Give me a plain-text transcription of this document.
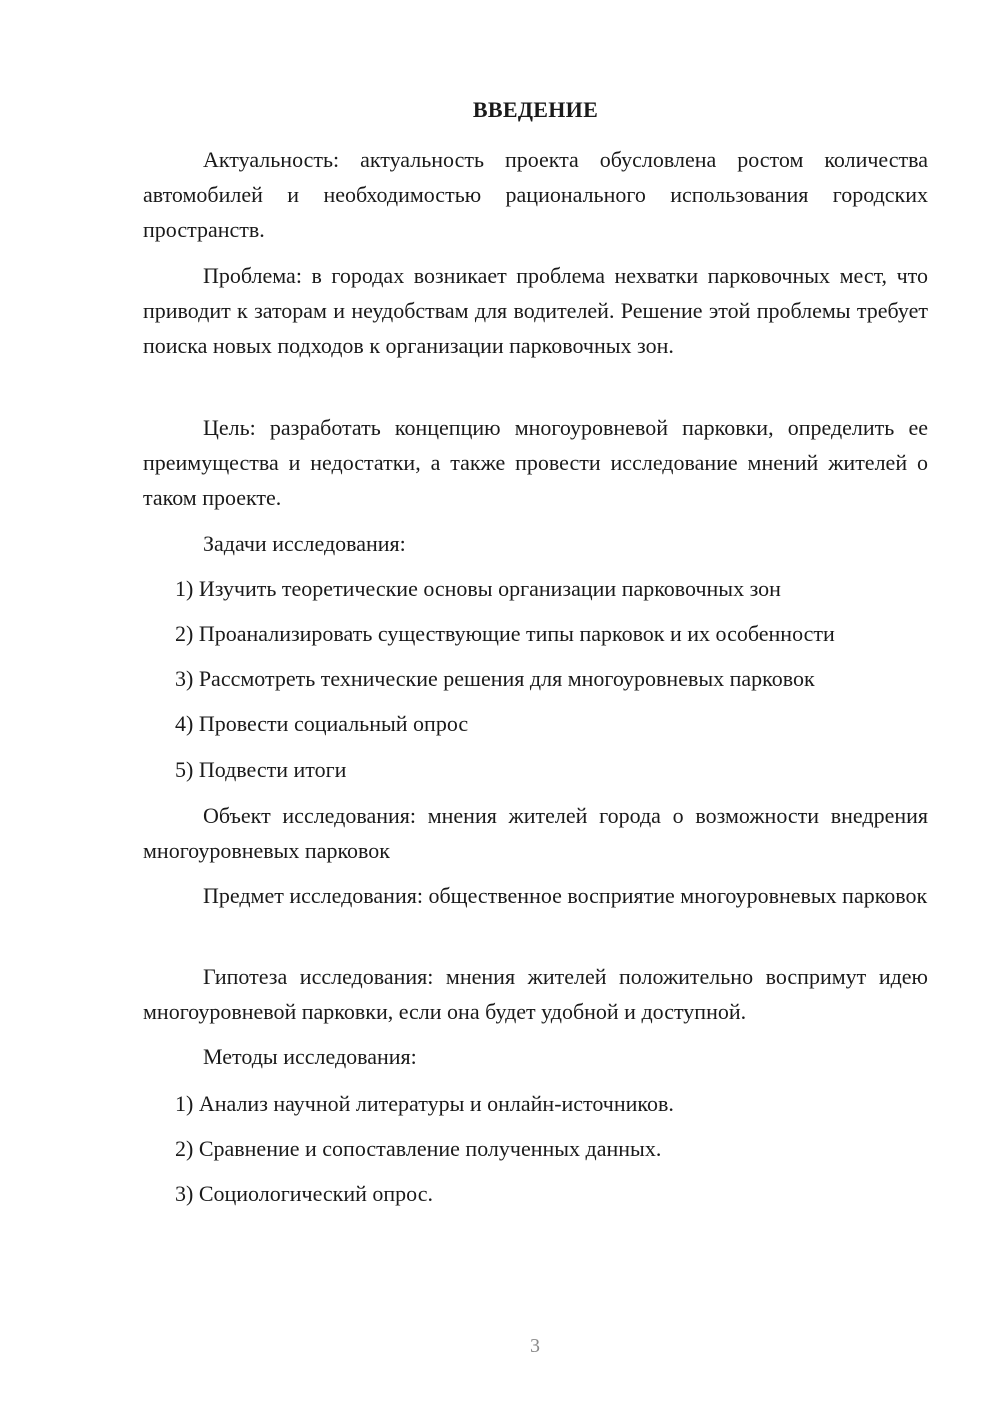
ВВЕДЕНИЕ

Актуальность: актуальность проекта обусловлена ростом количества автомобилей и необходимостью рационального использования городских пространств.

Проблема: в городах возникает проблема нехватки парковочных мест, что приводит к заторам и неудобствам для водителей. Решение этой проблемы требует поиска новых подходов к организации парковочных зон.

Цель: разработать концепцию многоуровневой парковки, определить ее преимущества и недостатки, а также провести исследование мнений жителей о таком проекте.

Задачи исследования:

1) Изучить теоретические основы организации парковочных зон

2) Проанализировать существующие типы парковок и их особенности

3) Рассмотреть технические решения для многоуровневых парковок

4) Провести социальный опрос

5) Подвести итоги

Объект исследования: мнения жителей города о возможности внедрения многоуровневых парковок

Предмет исследования: общественное восприятие многоуровневых парковок

Гипотеза исследования: мнения жителей положительно воспримут идею многоуровневой парковки, если она будет удобной и доступной.

Методы исследования:

1) Анализ научной литературы и онлайн-источников.

2) Сравнение и сопоставление полученных данных.

3) Социологический опрос.

3
